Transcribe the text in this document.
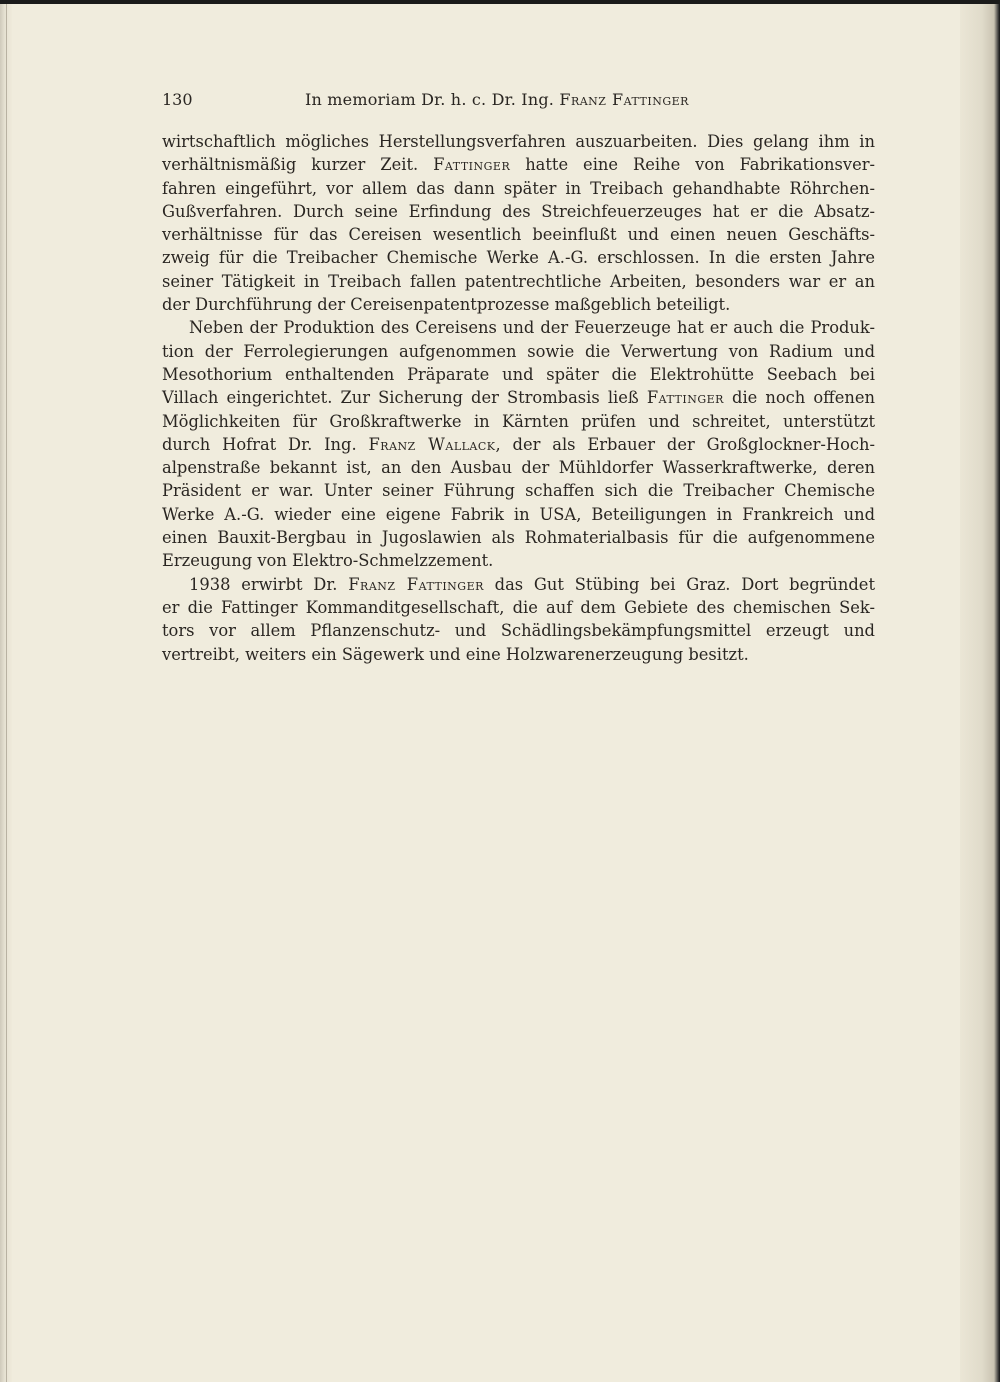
130	In memoriam Dr. h. c. Dr. Ing. Franz Fattinger
wirtschaftlich mögliches Herstellungsverfahren auszuarbeiten. Dies gelang ihm in
verhältnismäßig kurzer Zeit. Fattinger hatte eine Reihe von Fabrikationsver-
fahren eingeführt, vor allem das dann später in Treibach gehandhabte Röhrchen-
Gußverfahren. Durch seine Erfindung des Streichfeuerzeuges hat er die Absatz-
verhältnisse für das Cereisen wesentlich beeinflußt und einen neuen Geschäfts-
zweig für die Treibacher Chemische Werke A.-G. erschlossen. In die ersten Jahre
seiner Tätigkeit in Treibach fallen patentrechtliche Arbeiten, besonders war er an
der Durchführung der Cereisenpatentprozesse maßgeblich beteiligt.
Neben der Produktion des Cereisens und der Feuerzeuge hat er auch die Produk-
tion der Ferrolegierungen aufgenommen sowie die Verwertung von Radium und
Mesothorium enthaltenden Präparate und später die Elektrohütte Seebach bei
Villach eingerichtet. Zur Sicherung der Strombasis ließ Fattinger die noch offenen
Möglichkeiten für Großkraftwerke in Kärnten prüfen und schreitet, unterstützt
durch Hofrat Dr. Ing. Franz Wallack, der als Erbauer der Großglockner-Hoch-
alpenstraße bekannt ist, an den Ausbau der Mühldorfer Wasserkraftwerke, deren
Präsident er war. Unter seiner Führung schaffen sich die Treibacher Chemische
Werke A.-G. wieder eine eigene Fabrik in USA, Beteiligungen in Frankreich und
einen Bauxit-Bergbau in Jugoslawien als Rohmaterialbasis für die aufgenommene
Erzeugung von Elektro-Schmelzzement.
1938 erwirbt Dr. Franz Fattinger das Gut Stübing bei Graz. Dort begründet
er die Fattinger Kommanditgesellschaft, die auf dem Gebiete des chemischen Sek-
tors vor allem Pflanzenschutz- und Schädlingsbekämpfungsmittel erzeugt und
vertreibt, weiters ein Sägewerk und eine Holzwarenerzeugung besitzt.
